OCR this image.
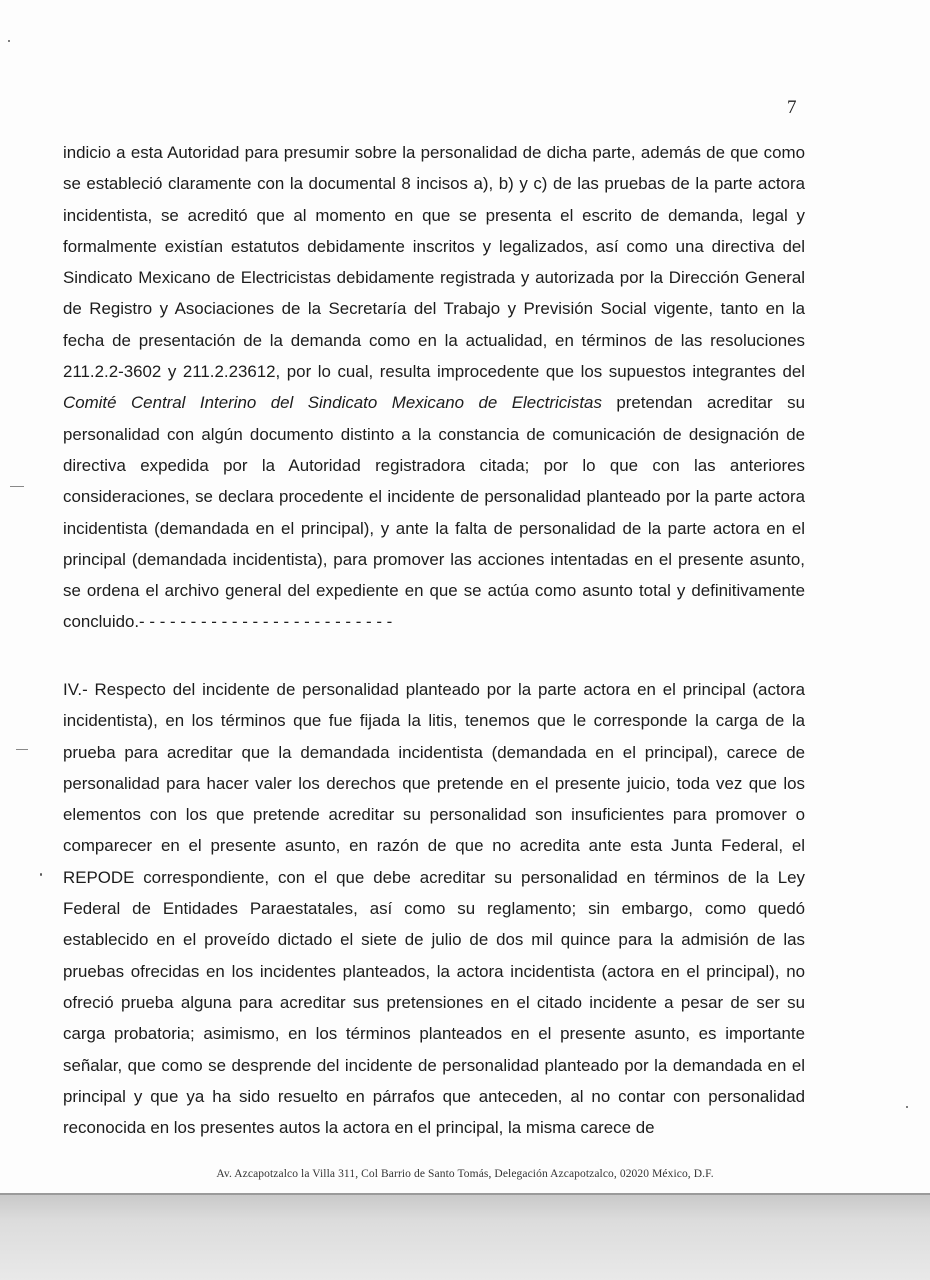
7

indicio a esta Autoridad para presumir sobre la personalidad de dicha parte, además de que como se estableció claramente con la documental 8 incisos a), b) y c) de las pruebas de la parte actora incidentista, se acreditó que al momento en que se presenta el escrito de demanda, legal y formalmente existían estatutos debidamente inscritos y legalizados, así como una directiva del Sindicato Mexicano de Electricistas debidamente registrada y autorizada por la Dirección General de Registro y Asociaciones de la Secretaría del Trabajo y Previsión Social vigente, tanto en la fecha de presentación de la demanda como en la actualidad, en términos de las resoluciones 211.2.2-3602 y 211.2.23612, por lo cual, resulta improcedente que los supuestos integrantes del Comité Central Interino del Sindicato Mexicano de Electricistas pretendan acreditar su personalidad con algún documento distinto a la constancia de comunicación de designación de directiva expedida por la Autoridad registradora citada; por lo que con las anteriores consideraciones, se declara procedente el incidente de personalidad planteado por la parte actora incidentista (demandada en el principal), y ante la falta de personalidad de la parte actora en el principal (demandada incidentista), para promover las acciones intentadas en el presente asunto, se ordena el archivo general del expediente en que se actúa como asunto total y definitivamente concluido.- - - - - - - - - - - - - - - - - - - - - - - - -

IV.- Respecto del incidente de personalidad planteado por la parte actora en el principal (actora incidentista), en los términos que fue fijada la litis, tenemos que le corresponde la carga de la prueba para acreditar que la demandada incidentista (demandada en el principal), carece de personalidad para hacer valer los derechos que pretende en el presente juicio, toda vez que los elementos con los que pretende acreditar su personalidad son insuficientes para promover o comparecer en el presente asunto, en razón de que no acredita ante esta Junta Federal, el REPODE correspondiente, con el que debe acreditar su personalidad en términos de la Ley Federal de Entidades Paraestatales, así como su reglamento; sin embargo, como quedó establecido en el proveído dictado el siete de julio de dos mil quince para la admisión de las pruebas ofrecidas en los incidentes planteados, la actora incidentista (actora en el principal), no ofreció prueba alguna para acreditar sus pretensiones en el citado incidente a pesar de ser su carga probatoria; asimismo, en los términos planteados en el presente asunto, es importante señalar, que como se desprende del incidente de personalidad planteado por la demandada en el principal y que ya ha sido resuelto en párrafos que anteceden, al no contar con personalidad reconocida en los presentes autos la actora en el principal, la misma carece de

Av. Azcapotzalco la Villa 311, Col Barrio de Santo Tomás, Delegación Azcapotzalco, 02020 México, D.F.
